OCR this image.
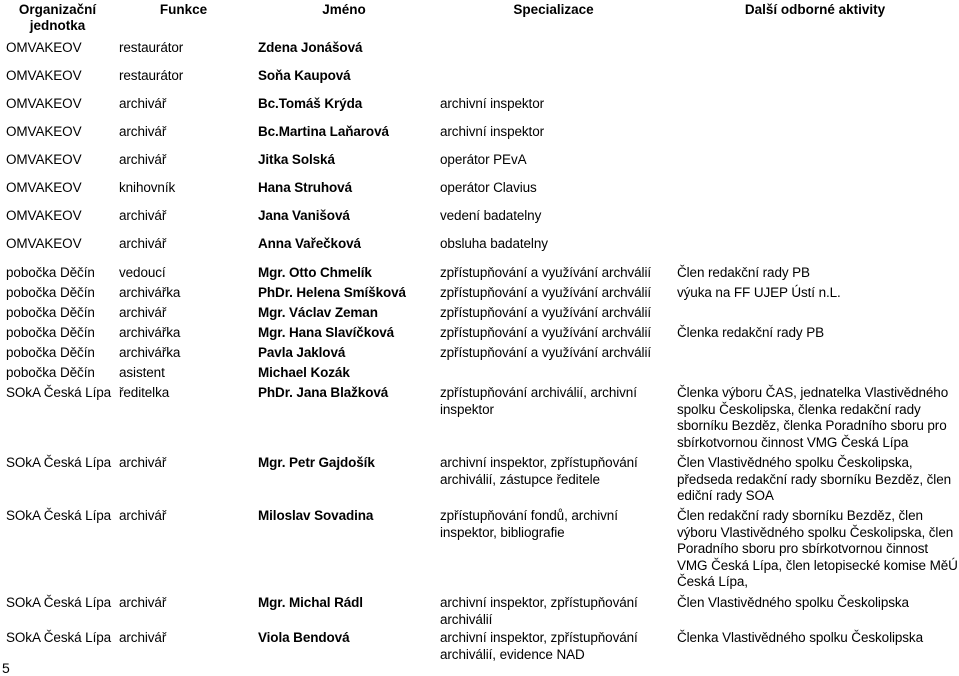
Organizační jednotka	Funkce	Jméno	Specializace	Další odborné aktivity
OMVAKEOV	restaurátor	Zdena Jonášová		
OMVAKEOV	restaurátor	Soňa Kaupová		
OMVAKEOV	archivář	Bc.Tomáš Krýda	archivní inspektor	
OMVAKEOV	archivář	Bc.Martina Laňarová	archivní inspektor	
OMVAKEOV	archivář	Jitka Solská	operátor PEvA	
OMVAKEOV	knihovník	Hana Struhová	operátor Clavius	
OMVAKEOV	archivář	Jana Vanišová	vedení badatelny	
OMVAKEOV	archivář	Anna Vařečková	obsluha badatelny	
pobočka Děčín	vedoucí	Mgr. Otto Chmelík	zpřístupňování a využívání archválií	Člen redakční rady PB
pobočka Děčín	archivářka	PhDr. Helena Smíšková	zpřístupňování a využívání archválií	výuka na FF UJEP Ústí n.L.
pobočka Děčín	archivář	Mgr. Václav Zeman	zpřístupňování a využívání archválií	
pobočka Děčín	archivářka	Mgr. Hana Slavíčková	zpřístupňování a využívání archválií	Členka redakční rady PB
pobočka Děčín	archivářka	Pavla Jaklová	zpřístupňování a využívání archválií	
pobočka Děčín	asistent	Michael Kozák		
SOkA Česká Lípa	ředitelka	PhDr. Jana Blažková	zpřístupňování archiválií, archivní inspektor	Členka výboru ČAS, jednatelka Vlastivědného spolku Českolipska, členka redakční rady sborníku Bezděz, členka Poradního sboru pro sbírkotvornou činnost VMG Česká Lípa
SOkA Česká Lípa	archivář	Mgr. Petr Gajdošík	archivní inspektor, zpřístupňování archiválií, zástupce ředitele	Člen Vlastivědného spolku Českolipska, předseda redakční rady sborníku Bezděz, člen ediční rady SOA
SOkA Česká Lípa	archivář	Miloslav Sovadina	zpřístupňování fondů, archivní inspektor, bibliografie	Člen redakční rady sborníku Bezděz, člen výboru Vlastivědného spolku Českolipska, člen Poradního sboru pro sbírkotvornou činnost VMG Česká Lípa, člen letopisecké komise MěÚ Česká Lípa,
SOkA Česká Lípa	archivář	Mgr. Michal Rádl	archivní inspektor, zpřístupňování archiválií	Člen Vlastivědného spolku Českolipska
SOkA Česká Lípa	archivář	Viola Bendová	archivní inspektor, zpřístupňování archiválií, evidence NAD	Členka Vlastivědného spolku Českolipska
5
